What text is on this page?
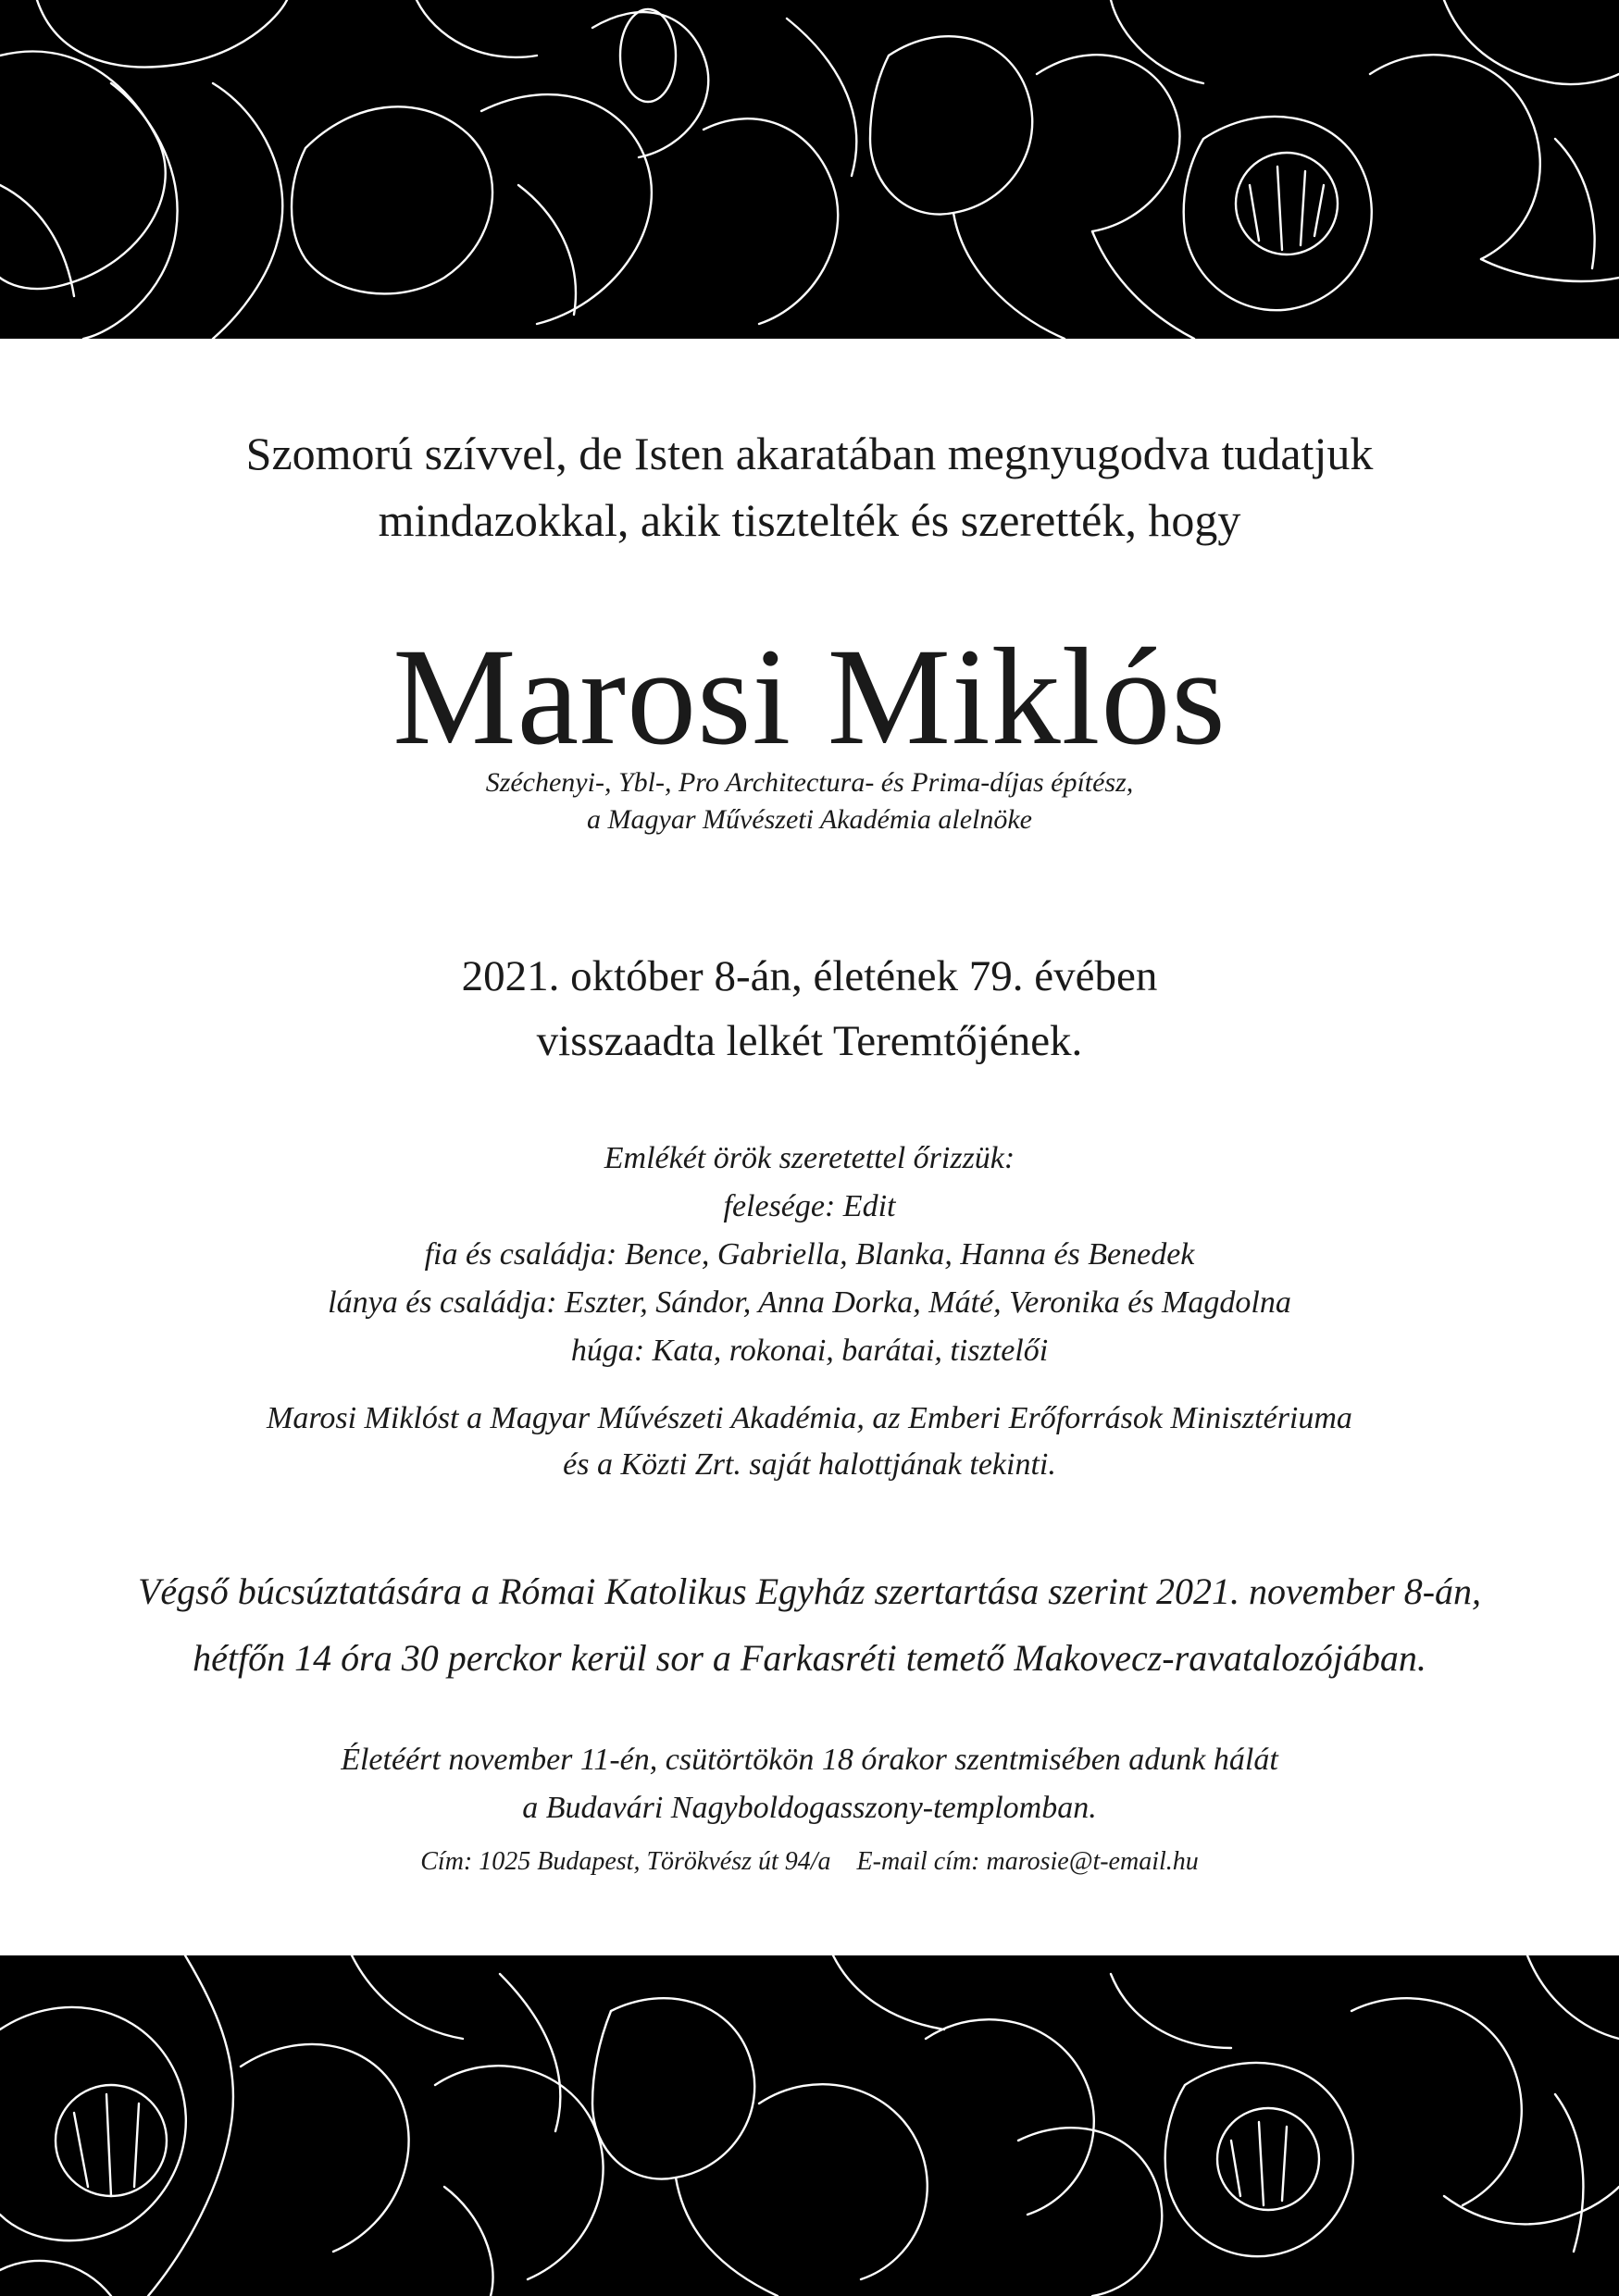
Szomorú szívvel, de Isten akaratában megnyugodva tudatjuk
mindazokkal, akik tisztelték és szerették, hogy
Marosi Miklós
Széchenyi-, Ybl-, Pro Architectura- és Prima-díjas építész,
a Magyar Művészeti Akadémia alelnöke
2021. október 8-án, életének 79. évében
visszaadta lelkét Teremtőjének.
Emlékét örök szeretettel őrizzük:
felesége: Edit
fia és családja: Bence, Gabriella, Blanka, Hanna és Benedek
lánya és családja: Eszter, Sándor, Anna Dorka, Máté, Veronika és Magdolna
húga: Kata, rokonai, barátai, tisztelői
Marosi Miklóst a Magyar Művészeti Akadémia, az Emberi Erőforrások Minisztériuma
és a Közti Zrt. saját halottjának tekinti.
Végső búcsúztatására a Római Katolikus Egyház szertartása szerint 2021. november 8-án,
hétfőn 14 óra 30 perckor kerül sor a Farkasréti temető Makovecz-ravatalozójában.
Életéért november 11-én, csütörtökön 18 órakor szentmisében adunk hálát
a Budavári Nagyboldogasszony-templomban.
Cím: 1025 Budapest, Törökvész út 94/a E-mail cím: marosie@t-email.hu
